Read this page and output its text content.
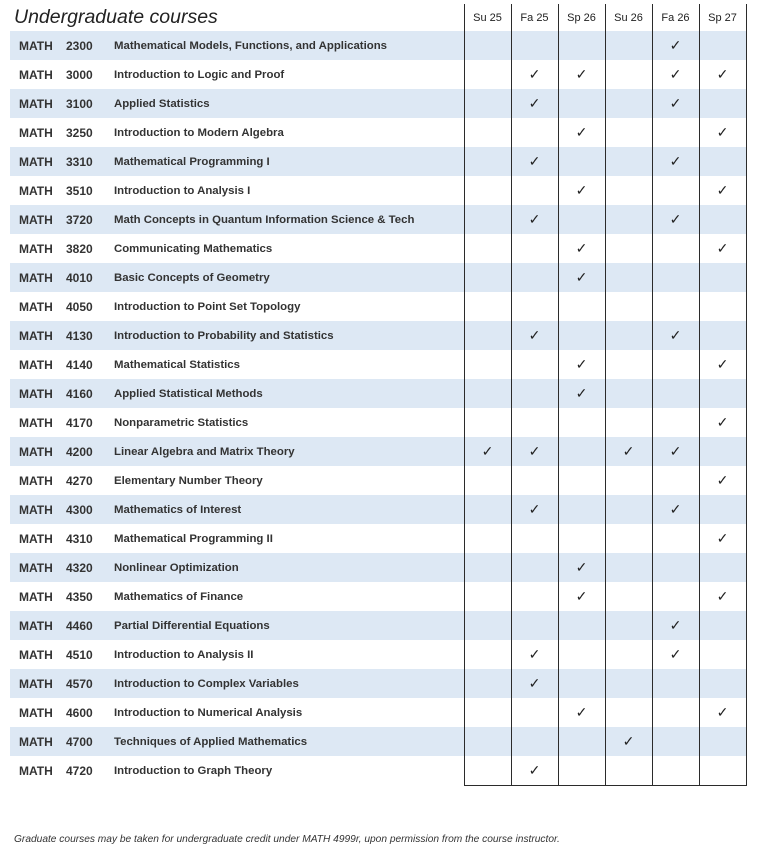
Undergraduate courses			Su 25	Fa 25	Sp 26	Su 26	Fa 26	Sp 27
MATH	2300	Mathematical Models, Functions, and Applications					✓	
MATH	3000	Introduction to Logic and Proof		✓	✓		✓	✓
MATH	3100	Applied Statistics		✓			✓	
MATH	3250	Introduction to Modern Algebra			✓			✓
MATH	3310	Mathematical Programming I		✓			✓	
MATH	3510	Introduction to Analysis I			✓			✓
MATH	3720	Math Concepts in Quantum Information Science & Tech		✓			✓	
MATH	3820	Communicating Mathematics			✓			✓
MATH	4010	Basic Concepts of Geometry			✓			
MATH	4050	Introduction to Point Set Topology						
MATH	4130	Introduction to Probability and Statistics		✓			✓	
MATH	4140	Mathematical Statistics			✓			✓
MATH	4160	Applied Statistical Methods			✓			
MATH	4170	Nonparametric Statistics						✓
MATH	4200	Linear Algebra and Matrix Theory	✓	✓		✓	✓	
MATH	4270	Elementary Number Theory						✓
MATH	4300	Mathematics of Interest		✓			✓	
MATH	4310	Mathematical Programming II						✓
MATH	4320	Nonlinear Optimization			✓			
MATH	4350	Mathematics of Finance			✓			✓
MATH	4460	Partial Differential Equations					✓	
MATH	4510	Introduction to Analysis II		✓			✓	
MATH	4570	Introduction to Complex Variables		✓				
MATH	4600	Introduction to Numerical Analysis			✓			✓
MATH	4700	Techniques of Applied Mathematics				✓		
MATH	4720	Introduction to Graph Theory		✓				

Graduate courses may be taken for undergraduate credit under MATH 4999r, upon permission from the course instructor.
